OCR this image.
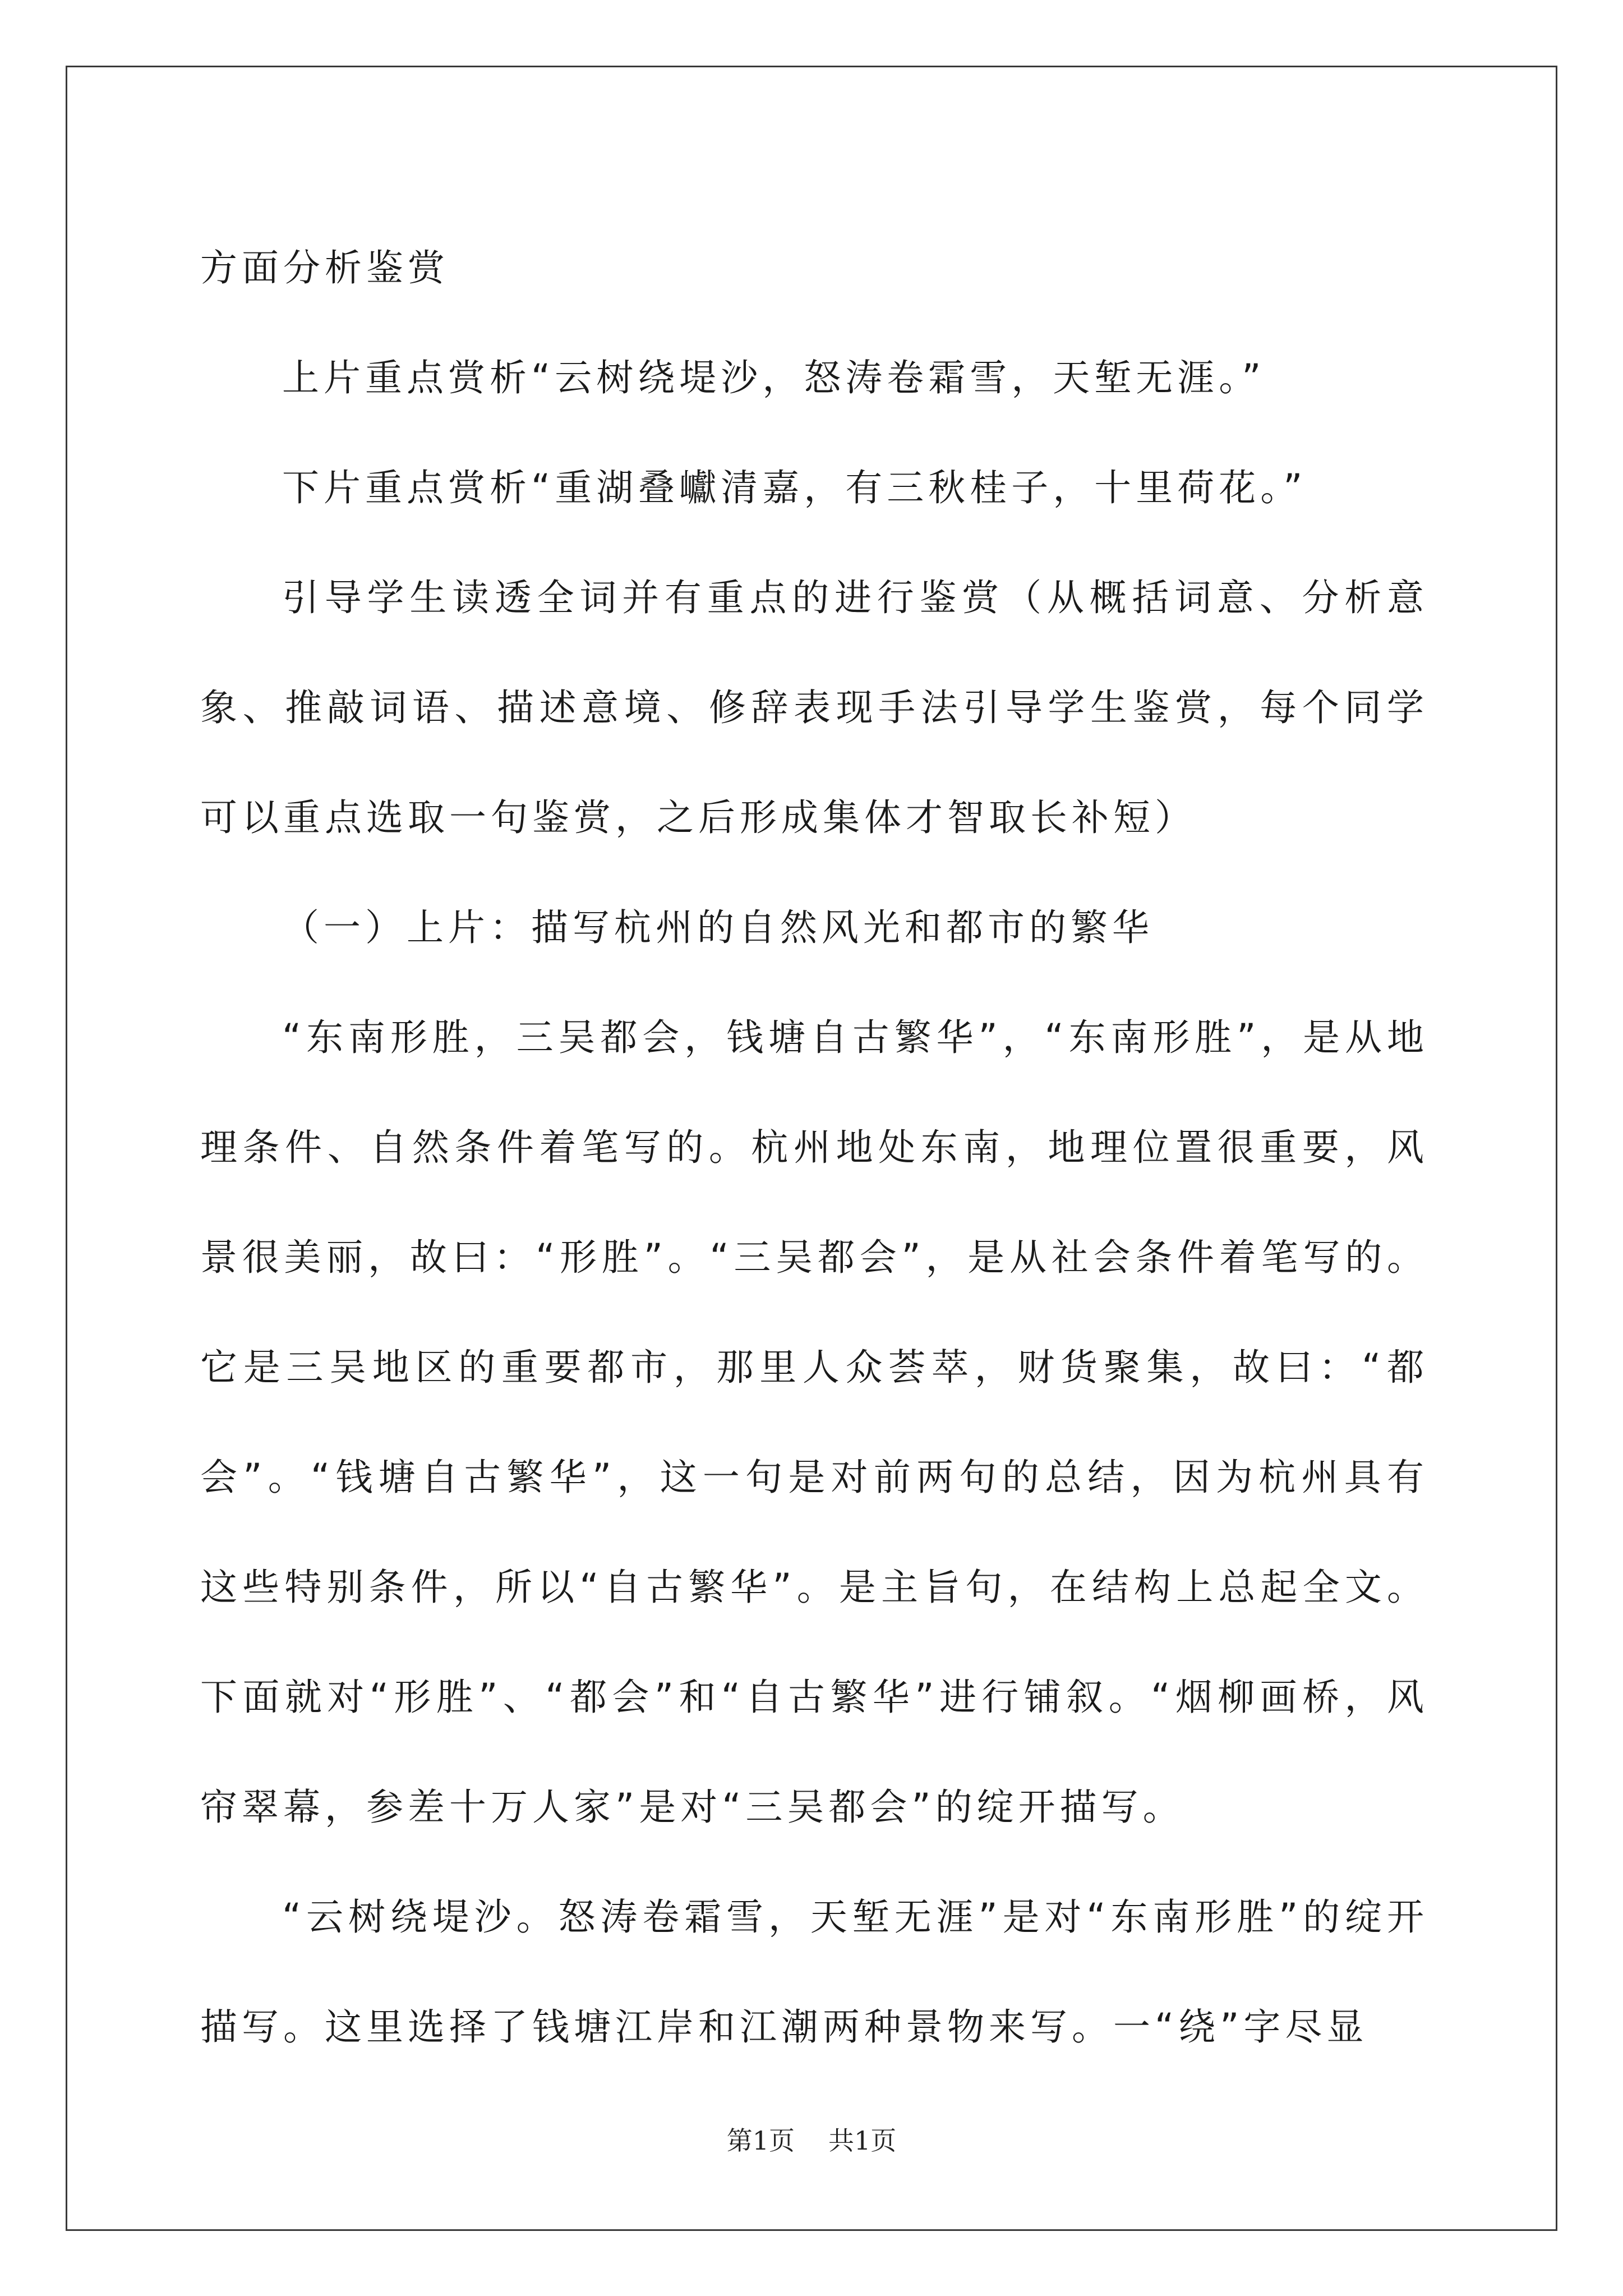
方面分析鉴赏

上片重点赏析“云树绕堤沙，怒涛卷霜雪，天堑无涯。”

下片重点赏析“重湖叠巘清嘉，有三秋桂子，十里荷花。”

引导学生读透全词并有重点的进行鉴赏（从概括词意、分析意象、推敲词语、描述意境、修辞表现手法引导学生鉴赏，每个同学可以重点选取一句鉴赏，之后形成集体才智取长补短）

（一）上片：描写杭州的自然风光和都市的繁华

“东南形胜，三吴都会，钱塘自古繁华”，“东南形胜”，是从地理条件、自然条件着笔写的。杭州地处东南，地理位置很重要，风景很美丽，故曰：“形胜”。“三吴都会”，是从社会条件着笔写的。它是三吴地区的重要都市，那里人众荟萃，财货聚集，故曰：“都会”。“钱塘自古繁华”，这一句是对前两句的总结，因为杭州具有这些特别条件，所以“自古繁华”。是主旨句，在结构上总起全文。下面就对“形胜”、“都会”和“自古繁华”进行铺叙。“烟柳画桥，风帘翠幕，参差十万人家”是对“三吴都会”的绽开描写。

“云树绕堤沙。怒涛卷霜雪，天堑无涯”是对“东南形胜”的绽开描写。这里选择了钱塘江岸和江潮两种景物来写。一“绕”字尽显

第1页 共1页
